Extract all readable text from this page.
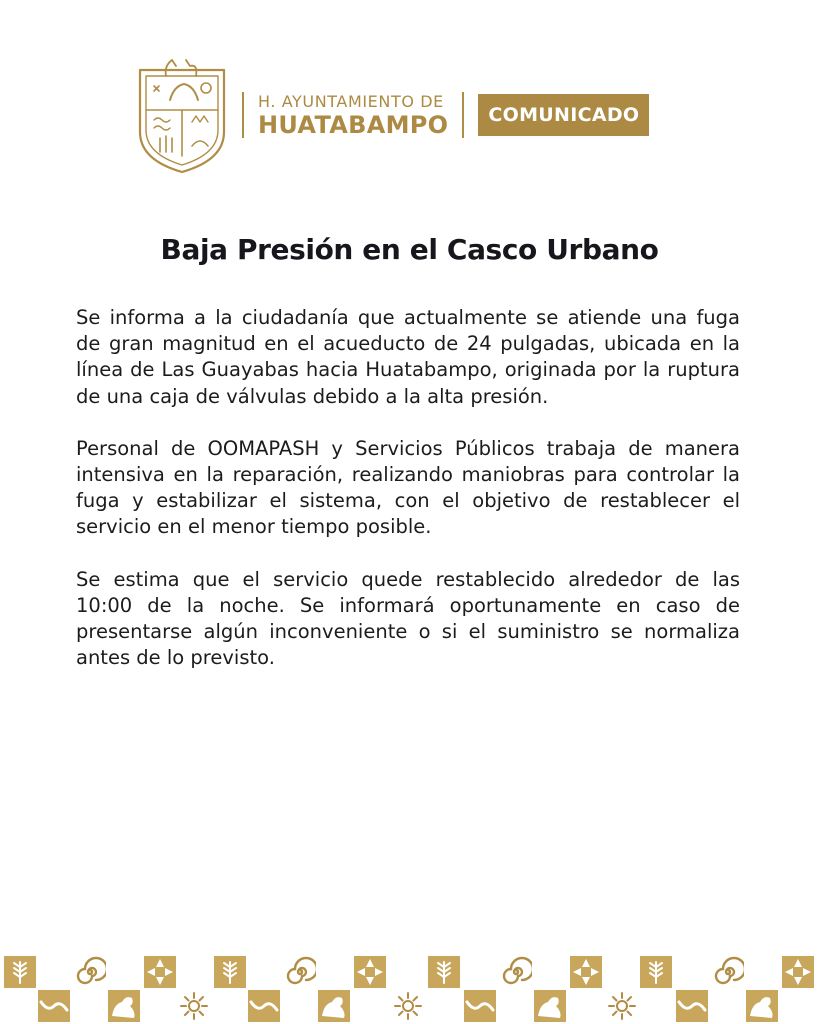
H. AYUNTAMIENTO DE
HUATABAMPO	COMUNICADO
Baja Presión en el Casco Urbano

Se informa a la ciudadanía que actualmente se atiende una fuga de gran magnitud en el acueducto de 24 pulgadas, ubicada en la línea de Las Guayabas hacia Huatabampo, originada por la ruptura de una caja de válvulas debido a la alta presión.

Personal de OOMAPASH y Servicios Públicos trabaja de manera intensiva en la reparación, realizando maniobras para controlar la fuga y estabilizar el sistema, con el objetivo de restablecer el servicio en el menor tiempo posible.

Se estima que el servicio quede restablecido alrededor de las 10:00 de la noche. Se informará oportunamente en caso de presentarse algún inconveniente o si el suministro se normaliza antes de lo previsto.
